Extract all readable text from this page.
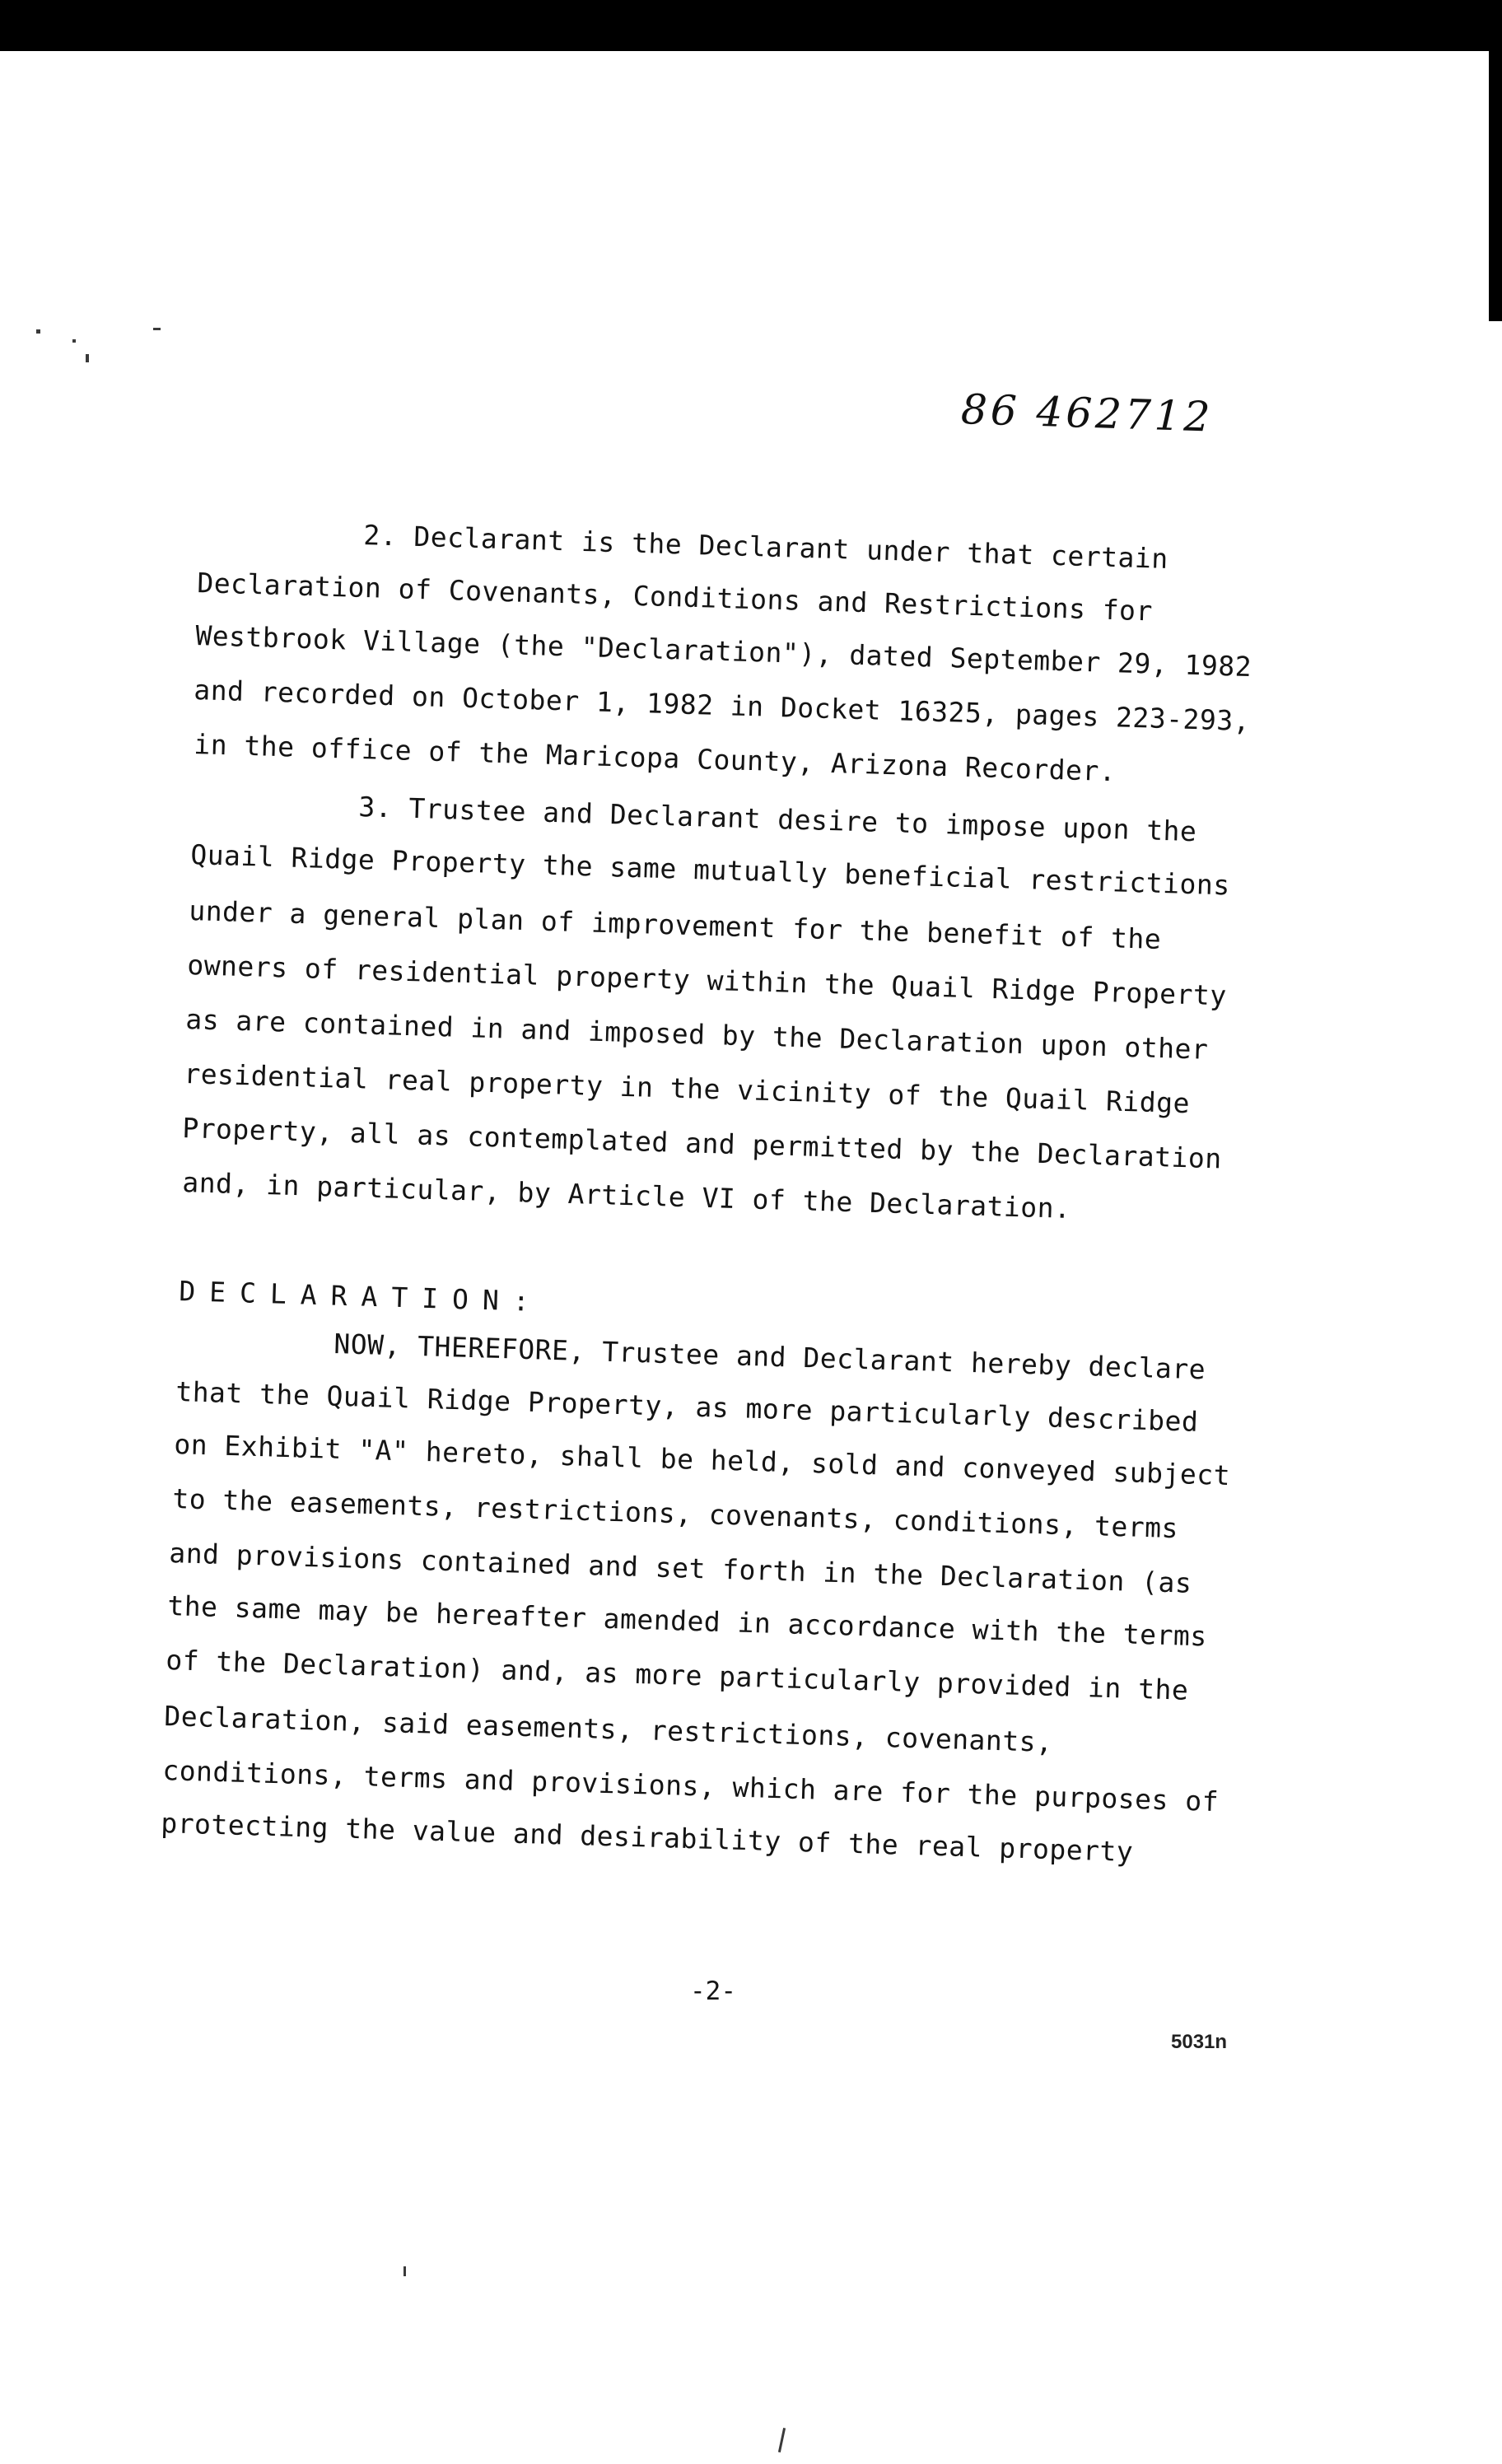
86 462712
2. Declarant is the Declarant under that certain
Declaration of Covenants, Conditions and Restrictions for
Westbrook Village (the "Declaration"), dated September 29, 1982
and recorded on October 1, 1982 in Docket 16325, pages 223-293,
in the office of the Maricopa County, Arizona Recorder.
3. Trustee and Declarant desire to impose upon the
Quail Ridge Property the same mutually beneficial restrictions
under a general plan of improvement for the benefit of the
owners of residential property within the Quail Ridge Property
as are contained in and imposed by the Declaration upon other
residential real property in the vicinity of the Quail Ridge
Property, all as contemplated and permitted by the Declaration
and, in particular, by Article VI of the Declaration.
DECLARATION:
NOW, THEREFORE, Trustee and Declarant hereby declare
that the Quail Ridge Property, as more particularly described
on Exhibit "A" hereto, shall be held, sold and conveyed subject
to the easements, restrictions, covenants, conditions, terms
and provisions contained and set forth in the Declaration (as
the same may be hereafter amended in accordance with the terms
of the Declaration) and, as more particularly provided in the
Declaration, said easements, restrictions, covenants,
conditions, terms and provisions, which are for the purposes of
protecting the value and desirability of the real property
-2-
5031n
